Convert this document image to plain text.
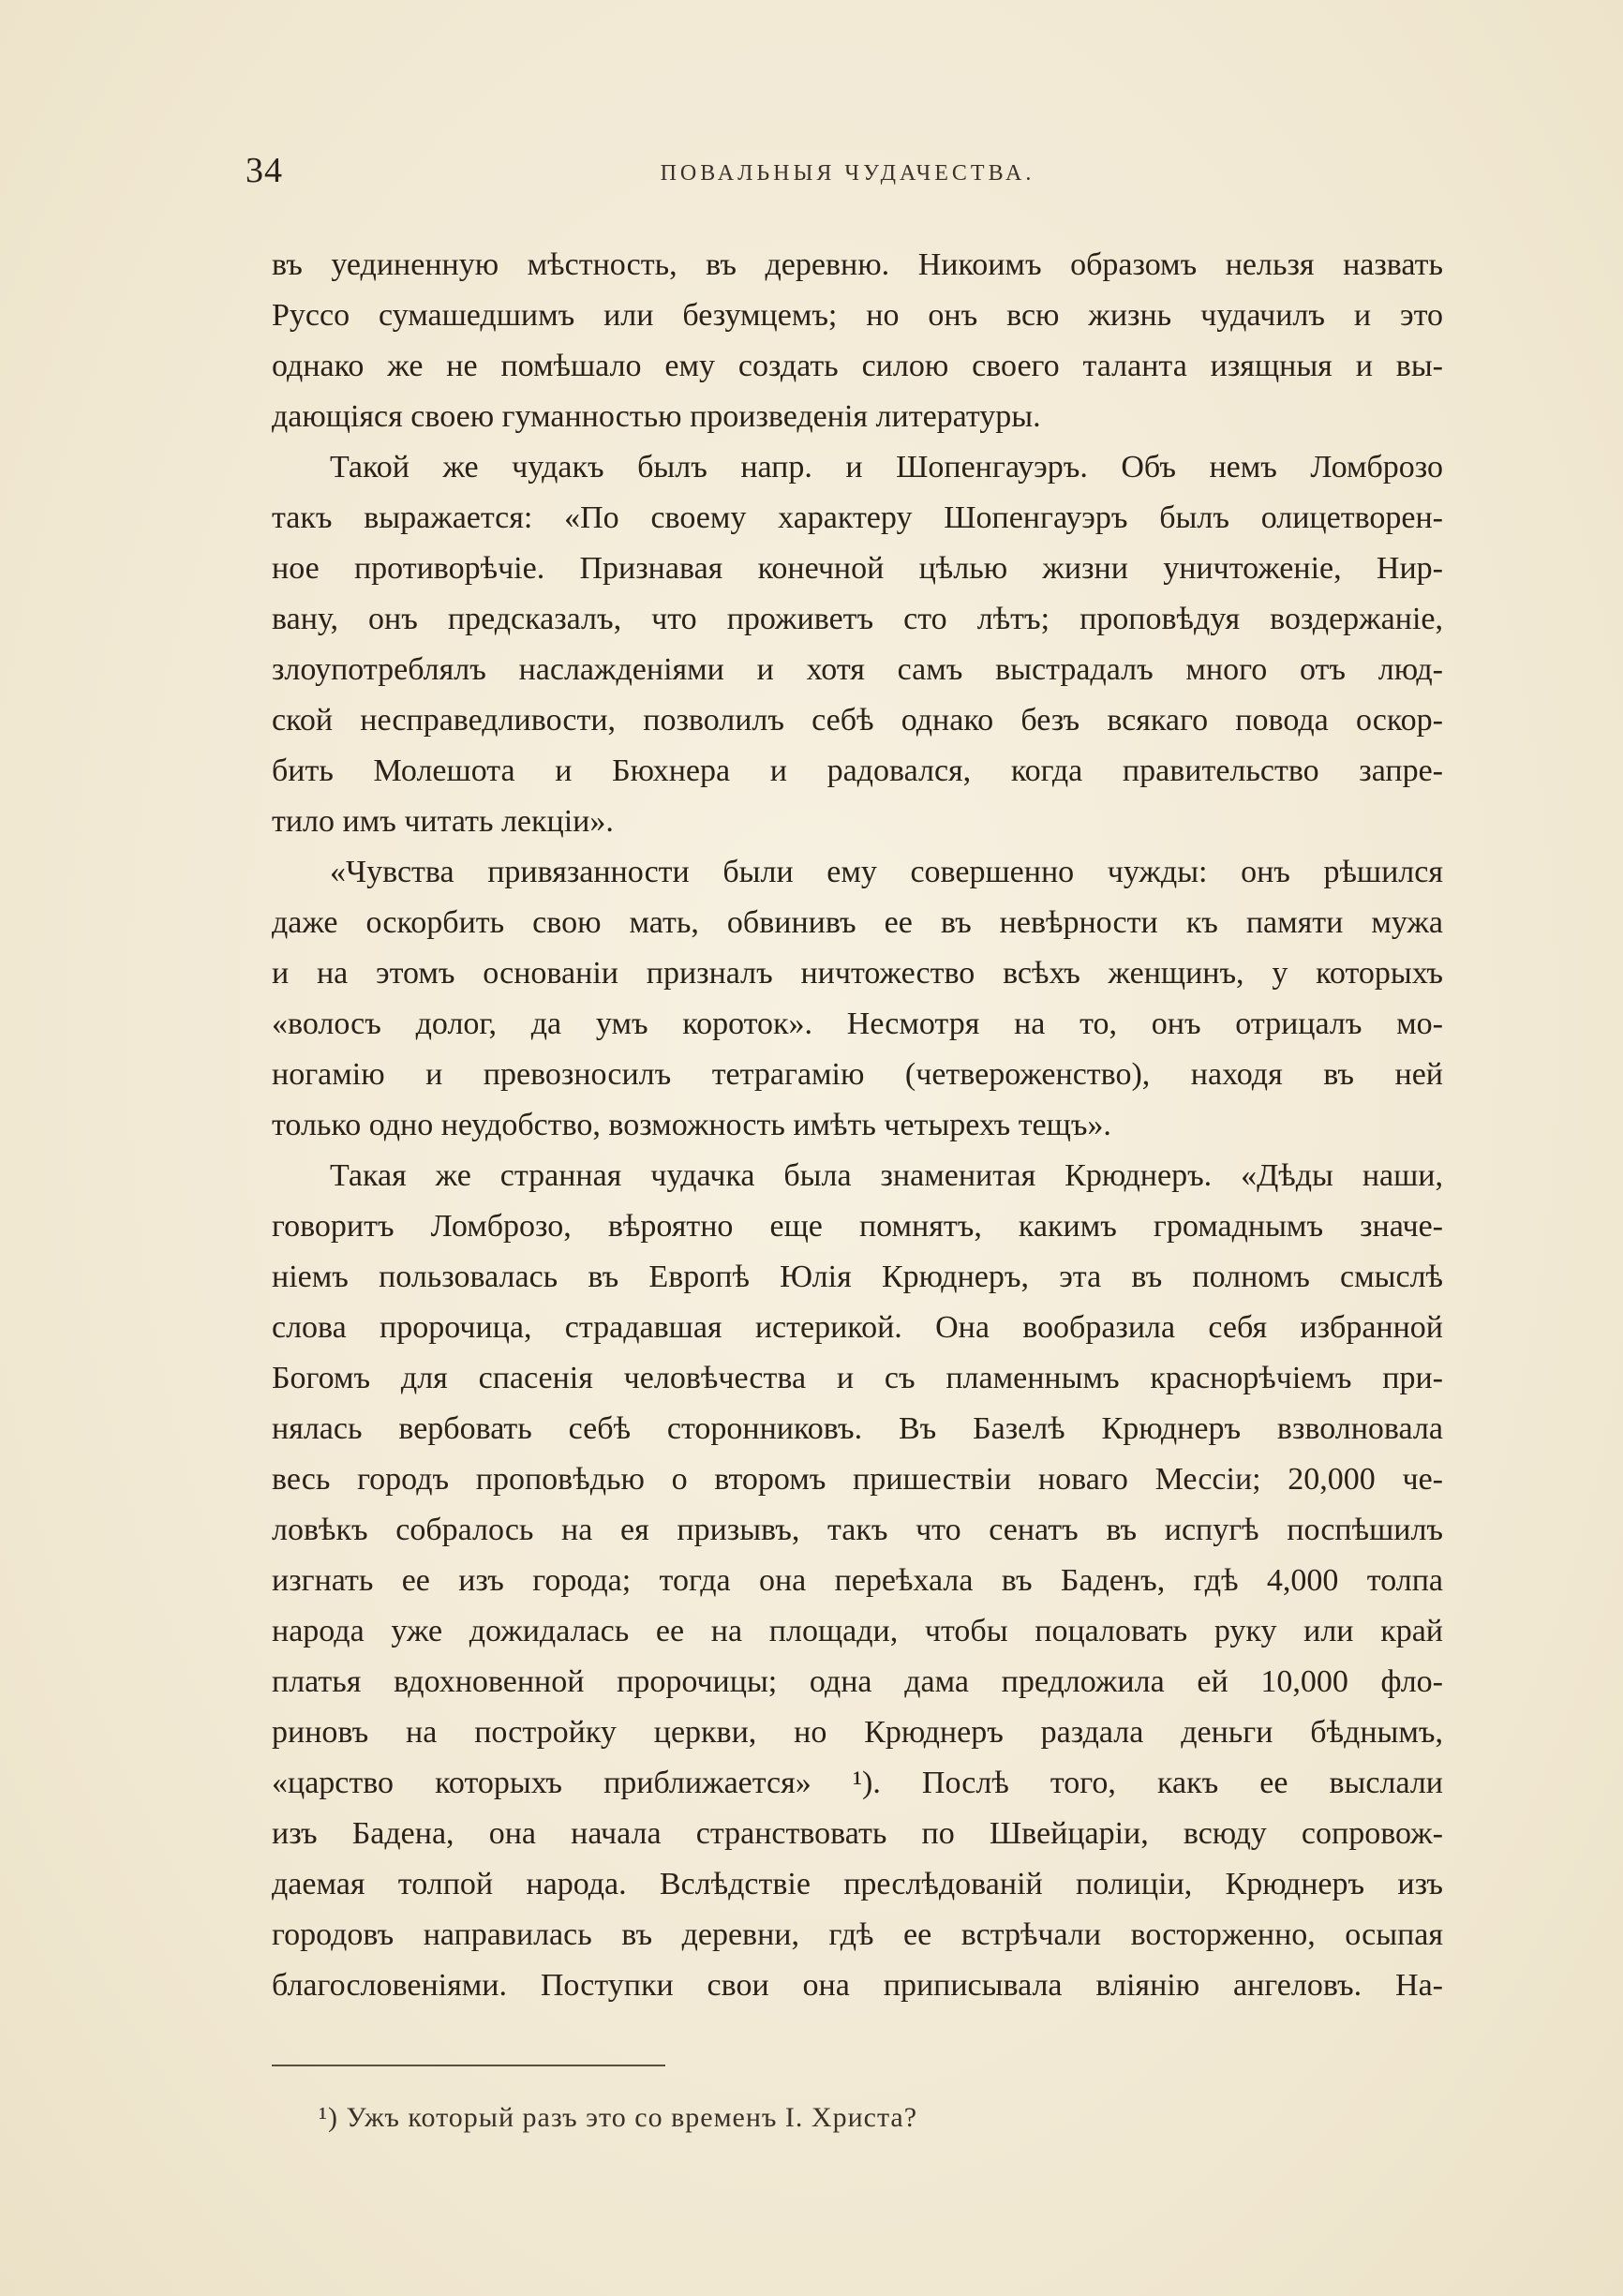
34	ПОВАЛЬНЫЯ ЧУДАЧЕСТВА.
въ уединенную мѣстность, въ деревню. Никоимъ образомъ нельзя назвать
Руссо сумашедшимъ или безумцемъ; но онъ всю жизнь чудачилъ и это
однако же не помѣшало ему создать силою своего таланта изящныя и вы-
дающіяся своею гуманностью произведенія литературы.
Такой же чудакъ былъ напр. и Шопенгауэръ. Объ немъ Ломброзо
такъ выражается: «По своему характеру Шопенгауэръ былъ олицетворен-
ное противорѣчіе. Признавая конечной цѣлью жизни уничтоженіе, Нир-
вану, онъ предсказалъ, что проживетъ сто лѣтъ; проповѣдуя воздержаніе,
злоупотреблялъ наслажденіями и хотя самъ выстрадалъ много отъ люд-
ской несправедливости, позволилъ себѣ однако безъ всякаго повода оскор-
бить Молешота и Бюхнера и радовался, когда правительство запре-
тило имъ читать лекціи».
«Чувства привязанности были ему совершенно чужды: онъ рѣшился
даже оскорбить свою мать, обвинивъ ее въ невѣрности къ памяти мужа
и на этомъ основаніи призналъ ничтожество всѣхъ женщинъ, у которыхъ
«волосъ долог, да умъ короток». Несмотря на то, онъ отрицалъ мо-
ногамію и превозносилъ тетрагамію (четвероженство), находя въ ней
только одно неудобство, возможность имѣть четырехъ тещъ».
Такая же странная чудачка была знаменитая Крюднеръ. «Дѣды наши,
говоритъ Ломброзо, вѣроятно еще помнятъ, какимъ громаднымъ значе-
ніемъ пользовалась въ Европѣ Юлія Крюднеръ, эта въ полномъ смыслѣ
слова пророчица, страдавшая истерикой. Она вообразила себя избранной
Богомъ для спасенія человѣчества и съ пламеннымъ краснорѣчіемъ при-
нялась вербовать себѣ сторонниковъ. Въ Базелѣ Крюднеръ взволновала
весь городъ проповѣдью о второмъ пришествіи новаго Мессіи; 20,000 че-
ловѣкъ собралось на ея призывъ, такъ что сенатъ въ испугѣ поспѣшилъ
изгнать ее изъ города; тогда она переѣхала въ Баденъ, гдѣ 4,000 толпа
народа уже дожидалась ее на площади, чтобы поцаловать руку или край
платья вдохновенной пророчицы; одна дама предложила ей 10,000 фло-
риновъ на постройку церкви, но Крюднеръ раздала деньги бѣднымъ,
«царство которыхъ приближается» ¹). Послѣ того, какъ ее выслали
изъ Бадена, она начала странствовать по Швейцаріи, всюду сопровож-
даемая толпой народа. Вслѣдствіе преслѣдованій полиціи, Крюднеръ изъ
городовъ направилась въ деревни, гдѣ ее встрѣчали восторженно, осыпая
благословеніями. Поступки свои она приписывала вліянію ангеловъ. На-
¹) Ужъ который разъ это со временъ І. Христа?
